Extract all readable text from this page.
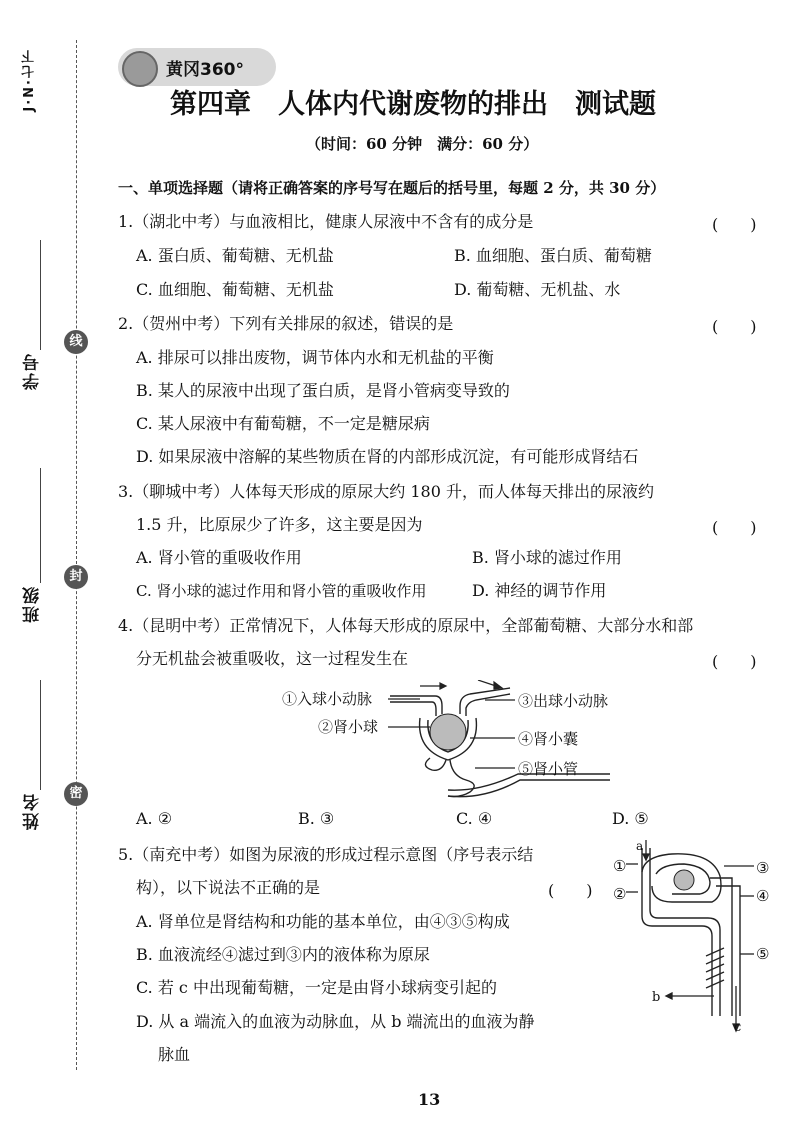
J·N·七下
学号
班级
姓名
线
封
密
黄冈360°
第四章　人体内代谢废物的排出　测试题
（时间：60 分钟　满分：60 分）
一、单项选择题（请将正确答案的序号写在题后的括号里，每题 2 分，共 30 分）
1.（湖北中考）与血液相比，健康人尿液中不含有的成分是	(　　)
A. 蛋白质、葡萄糖、无机盐	B. 血细胞、蛋白质、葡萄糖
C. 血细胞、葡萄糖、无机盐	D. 葡萄糖、无机盐、水
2.（贺州中考）下列有关排尿的叙述，错误的是	(　　)
A. 排尿可以排出废物，调节体内水和无机盐的平衡
B. 某人的尿液中出现了蛋白质，是肾小管病变导致的
C. 某人尿液中有葡萄糖，不一定是糖尿病
D. 如果尿液中溶解的某些物质在肾的内部形成沉淀，有可能形成肾结石
3.（聊城中考）人体每天形成的原尿大约 180 升，而人体每天排出的尿液约
1.5 升，比原尿少了许多，这主要是因为	(　　)
A. 肾小管的重吸收作用	B. 肾小球的滤过作用
C. 肾小球的滤过作用和肾小管的重吸收作用	D. 神经的调节作用
4.（昆明中考）正常情况下，人体每天形成的原尿中，全部葡萄糖、大部分水和部
分无机盐会被重吸收，这一过程发生在	(　　)
①入球小动脉
②肾小球
③出球小动脉
④肾小囊
⑤肾小管
A. ②	B. ③	C. ④	D. ⑤
5.（南充中考）如图为尿液的形成过程示意图（序号表示结
构），以下说法不正确的是	(　　)
A. 肾单位是肾结构和功能的基本单位，由④③⑤构成
B. 血液流经④滤过到③内的液体称为原尿
C. 若 c 中出现葡萄糖，一定是由肾小球病变引起的
D. 从 a 端流入的血液为动脉血，从 b 端流出的血液为静
脉血
①
②
③
④
⑤
a
b
c
13
